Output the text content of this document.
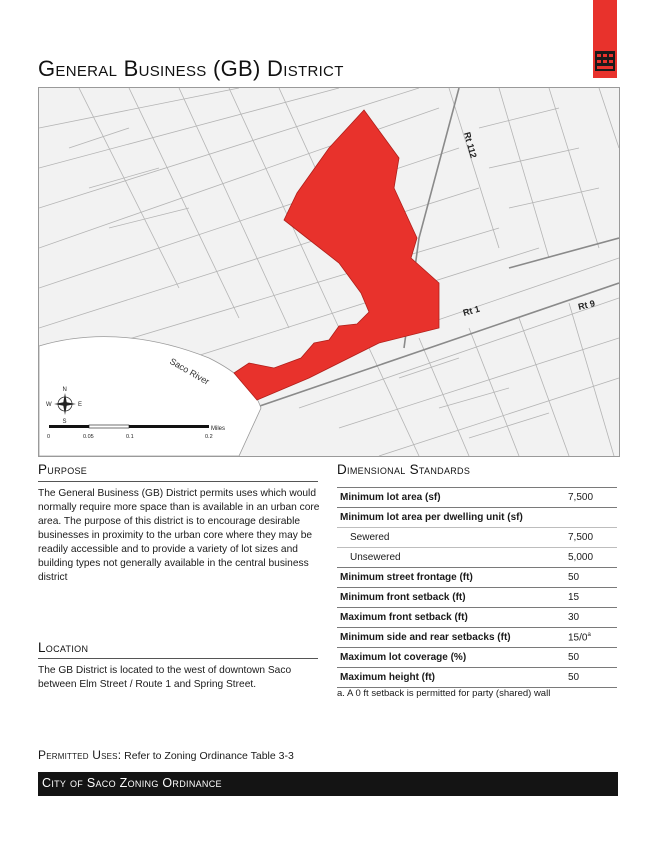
General Business (GB) District
Rt 112
Rt 1	Rt 9
Saco River
N
S
E
W
Miles
0	0.05	0.1	0.2
Purpose

The General Business (GB) District permits uses which would normally require more space than is available in an urban core area. The purpose of this district is to encourage desirable businesses in proximity to the urban core where they may be readily accessible and to provide a variety of lot sizes and building types not generally available in the central business district

Location

The GB District is located to the west of downtown Saco between Elm Street / Route 1 and Spring Street.

Dimensional Standards
Minimum lot area (sf)	7,500
Minimum lot area per dwelling unit (sf)	
Sewered	7,500
Unsewered	5,000
Minimum street frontage (ft)	50
Minimum front setback (ft)	15
Maximum front setback (ft)	30
Minimum side and rear setbacks (ft)	15/0$^a$
Maximum lot coverage (%)	50
Maximum height (ft)	50

a. A 0 ft setback is permitted for party (shared) wall

Permitted Uses: Refer to Zoning Ordinance Table 3-3

City of Saco Zoning Ordinance
